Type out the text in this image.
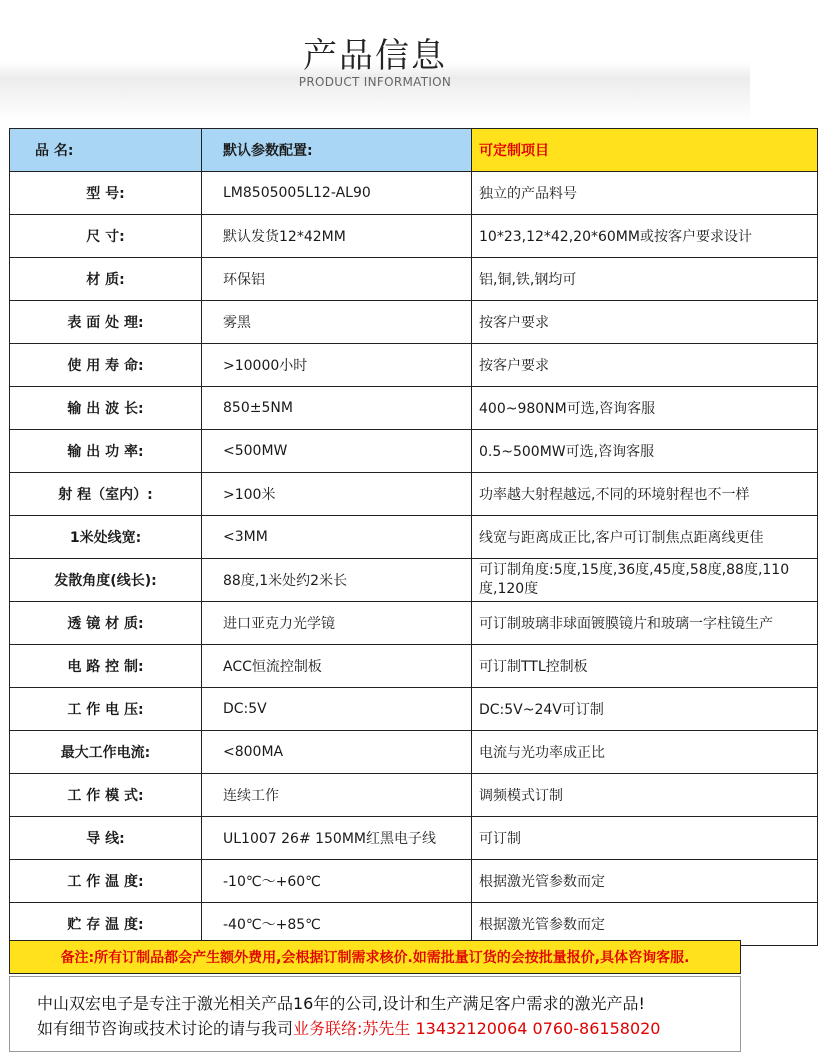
产品信息
PRODUCT INFORMATION
品 名:	默认参数配置:	可定制项目
型 号:	LM8505005L12-AL90	独立的产品料号
尺 寸:	默认发货12*42MM	10*23,12*42,20*60MM或按客户要求设计
材 质:	环保铝	铝,铜,铁,钢均可
表 面 处 理:	雾黑	按客户要求
使 用 寿 命:	>10000小时	按客户要求
输 出 波 长:	850±5NM	400~980NM可选,咨询客服
输 出 功 率:	<500MW	0.5~500MW可选,咨询客服
射 程（室内）:	>100米	功率越大射程越远,不同的环境射程也不一样
1米处线宽:	<3MM	线宽与距离成正比,客户可订制焦点距离线更佳
发散角度(线长):	88度,1米处约2米长	可订制角度:5度,15度,36度,45度,58度,88度,110度,120度
透 镜 材 质:	进口亚克力光学镜	可订制玻璃非球面镀膜镜片和玻璃一字柱镜生产
电 路 控 制:	ACC恒流控制板	可订制TTL控制板
工 作 电 压:	DC:5V	DC:5V~24V可订制
最大工作电流:	<800MA	电流与光功率成正比
工 作 模 式:	连续工作	调频模式订制
导 线:	UL1007 26# 150MM红黑电子线	可订制
工 作 温 度:	-10℃～+60℃	根据激光管参数而定
贮 存 温 度:	-40℃～+85℃	根据激光管参数而定
备注:所有订制品都会产生额外费用,会根据订制需求核价.如需批量订货的会按批量报价,具体咨询客服.
中山双宏电子是专注于激光相关产品16年的公司,设计和生产满足客户需求的激光产品!
如有细节咨询或技术讨论的请与我司业务联络:苏先生 13432120064 0760-86158020
